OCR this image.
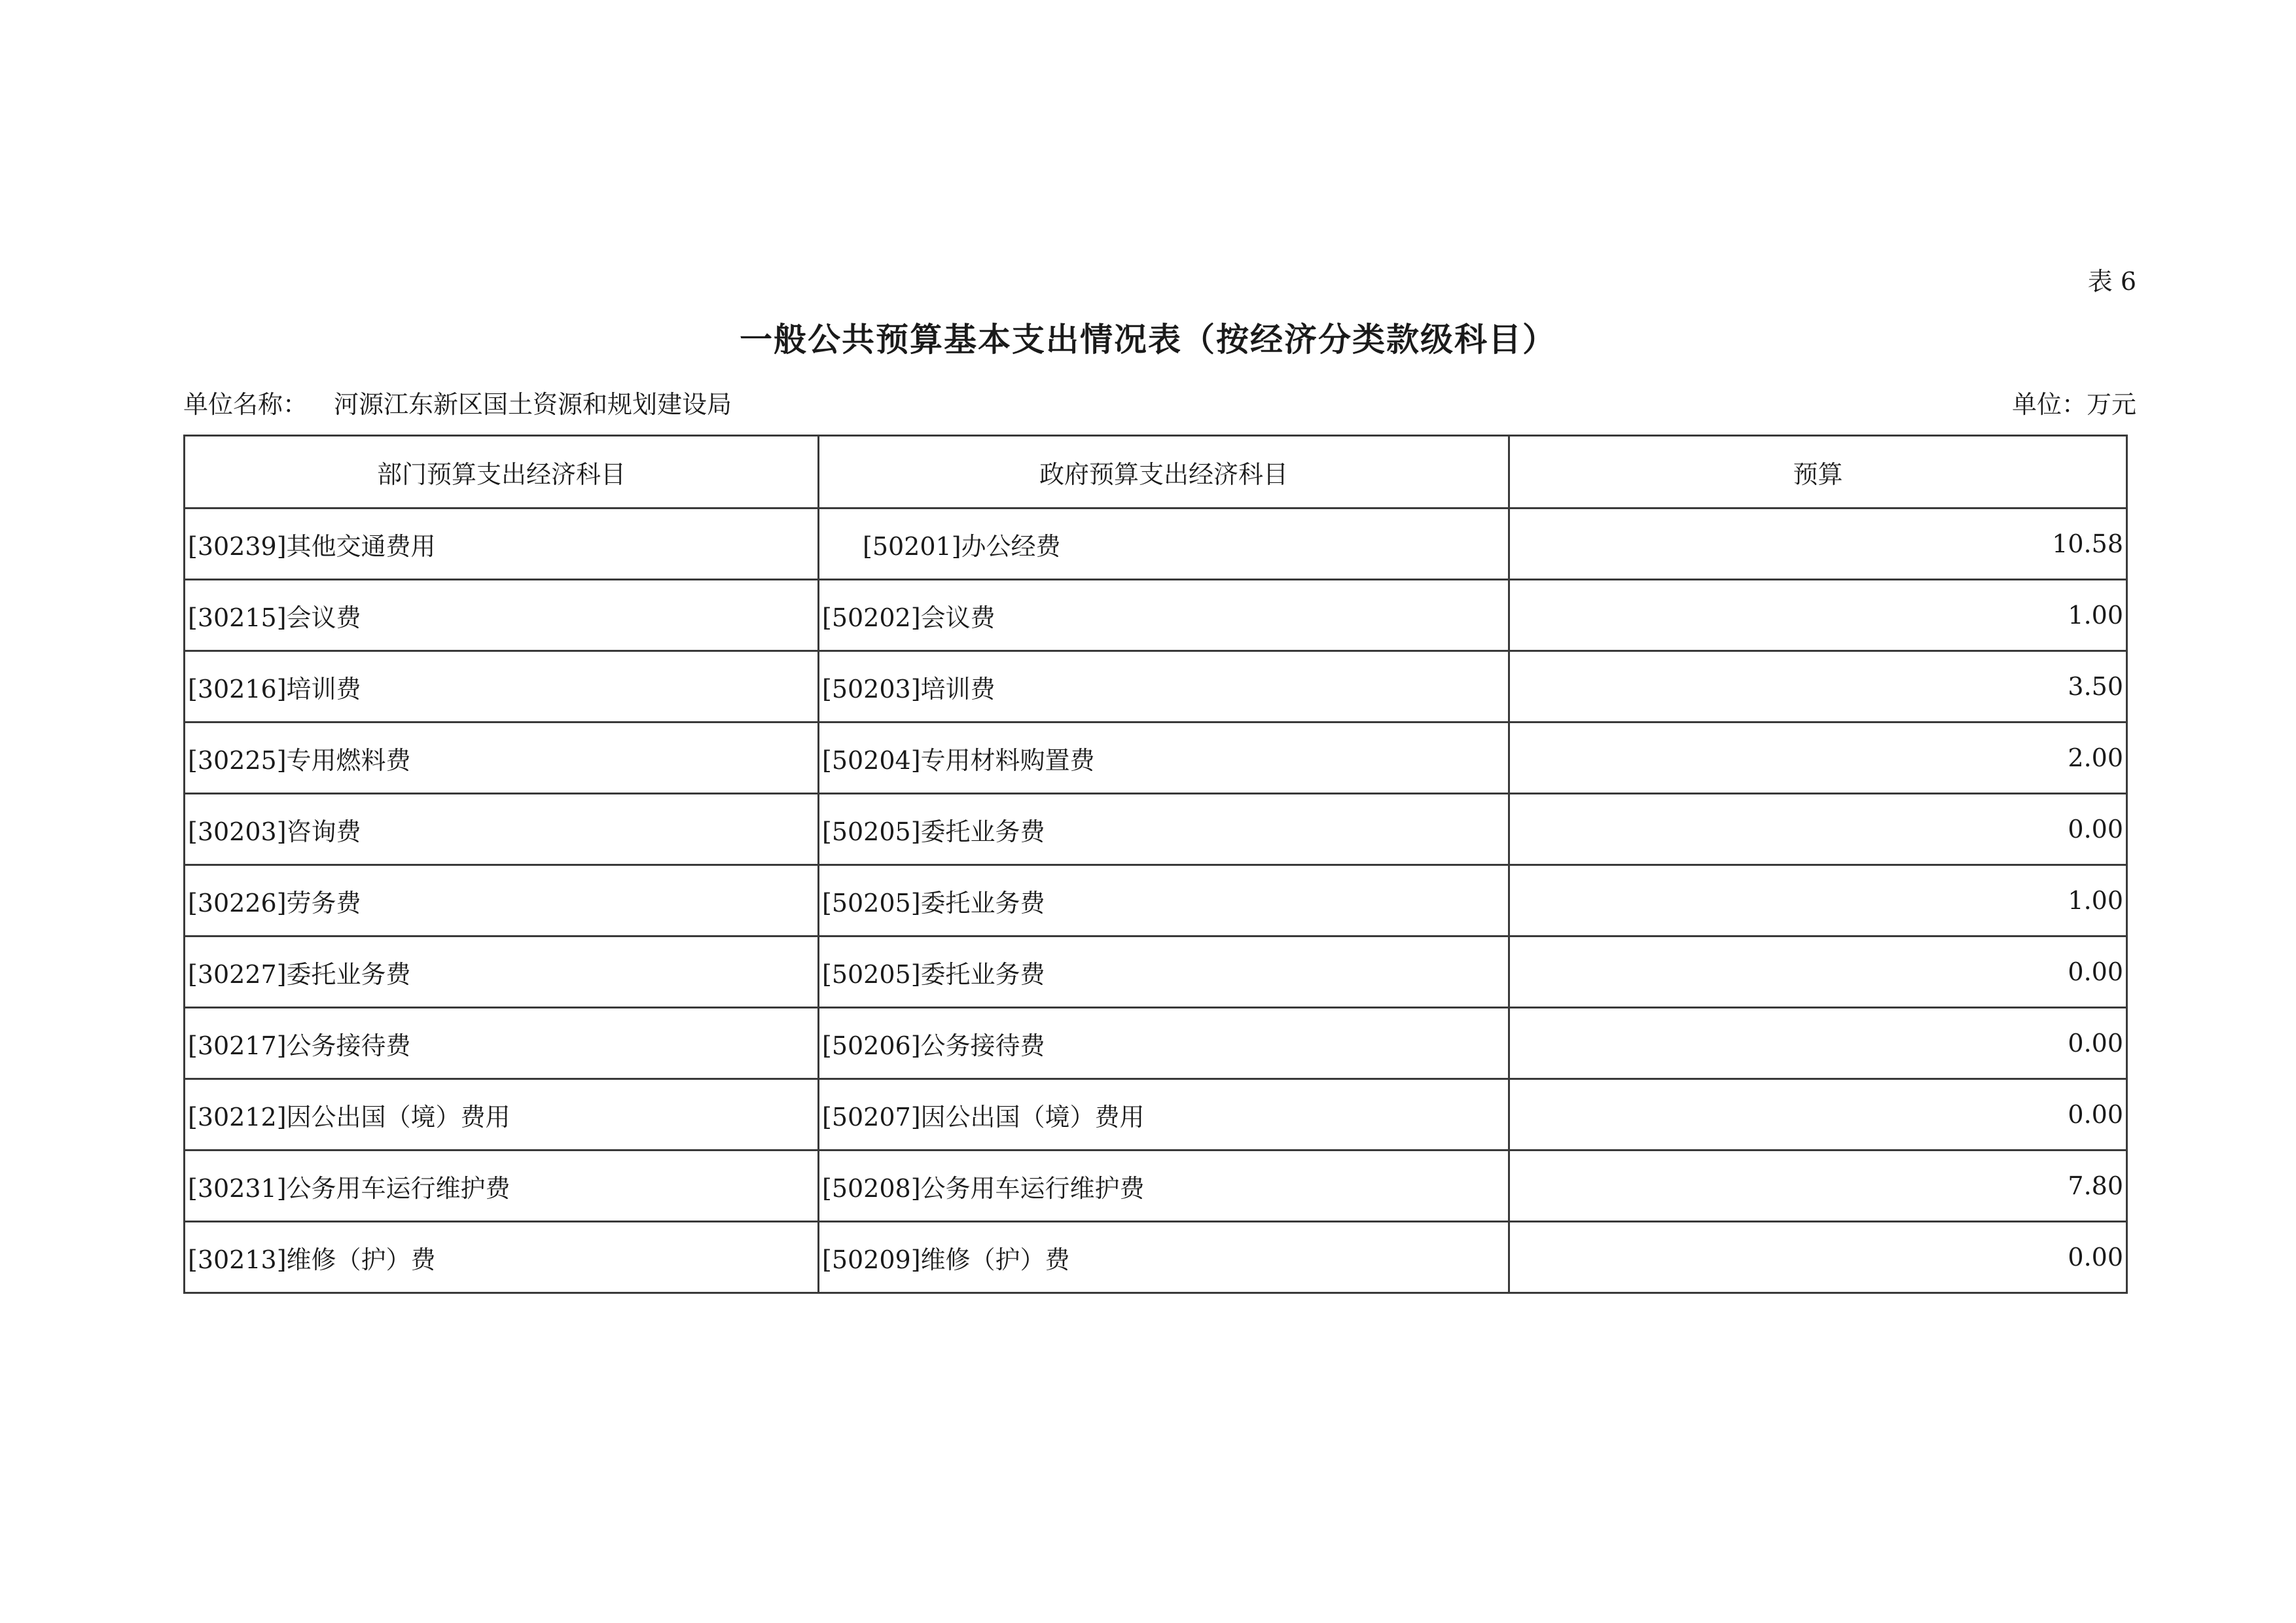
表 6
一般公共预算基本支出情况表（按经济分类款级科目）
单位名称： 河源江东新区国土资源和规划建设局	单位：万元
部门预算支出经济科目	政府预算支出经济科目	预算
[30239]其他交通费用	[50201]办公经费	10.58
[30215]会议费	[50202]会议费	1.00
[30216]培训费	[50203]培训费	3.50
[30225]专用燃料费	[50204]专用材料购置费	2.00
[30203]咨询费	[50205]委托业务费	0.00
[30226]劳务费	[50205]委托业务费	1.00
[30227]委托业务费	[50205]委托业务费	0.00
[30217]公务接待费	[50206]公务接待费	0.00
[30212]因公出国（境）费用	[50207]因公出国（境）费用	0.00
[30231]公务用车运行维护费	[50208]公务用车运行维护费	7.80
[30213]维修（护）费	[50209]维修（护）费	0.00
